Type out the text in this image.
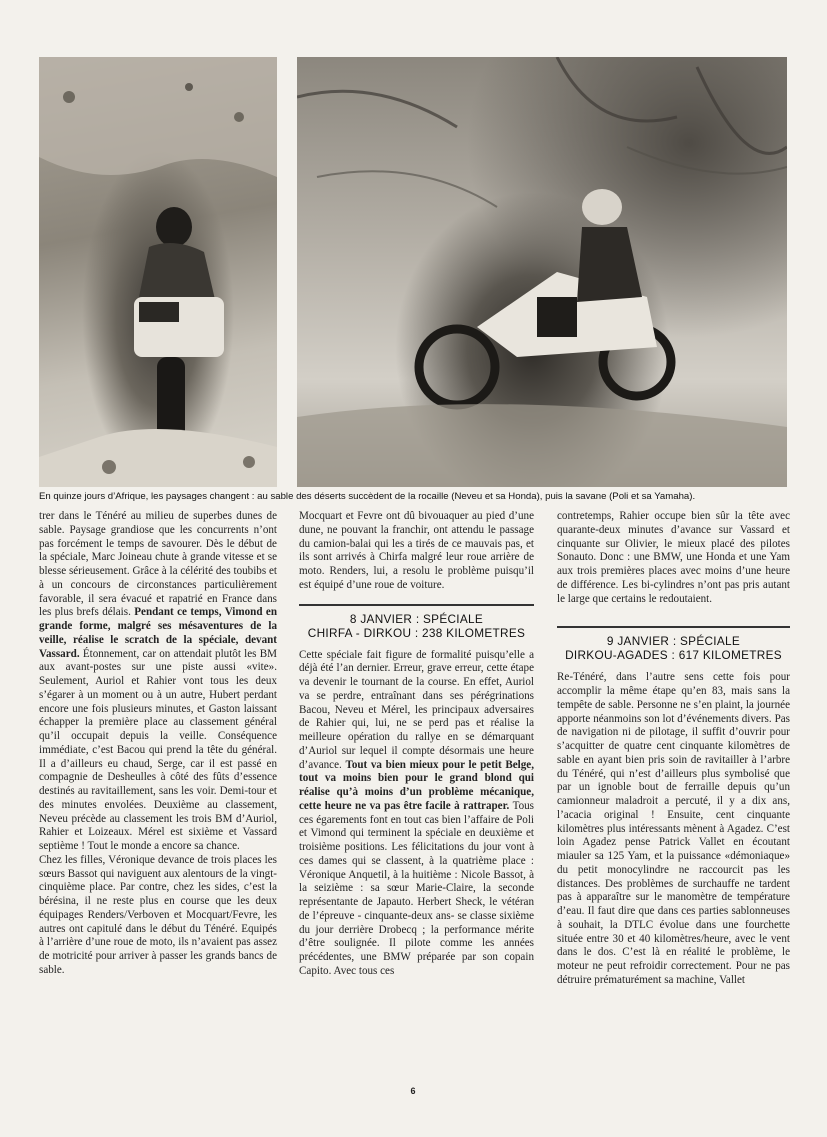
En quinze jours d’Afrique, les paysages changent : au sable des déserts succèdent de la rocaille (Neveu et sa Honda), puis la savane (Poli et sa Yamaha).

trer dans le Ténéré au milieu de superbes dunes de sable. Paysage grandiose que les concurrents n’ont pas forcément le temps de savourer. Dès le début de la spéciale, Marc Joineau chute à grande vitesse et se blesse sérieusement. Grâce à la célérité des toubibs et à un concours de circonstances particulièrement favorable, il sera évacué et rapatrié en France dans les plus brefs délais. Pendant ce temps, Vimond en grande forme, malgré ses mésaventures de la veille, réalise le scratch de la spéciale, devant Vassard. Étonnement, car on attendait plutôt les BM aux avant-postes sur une piste aussi «vite». Seulement, Auriol et Rahier vont tous les deux s’égarer à un moment ou à un autre, Hubert perdant encore une fois plusieurs minutes, et Gaston laissant échapper la première place au classement général qu’il occupait depuis la veille. Conséquence immédiate, c’est Bacou qui prend la tête du général. Il a d’ailleurs eu chaud, Serge, car il est passé en compagnie de Desheulles à côté des fûts d’essence destinés au ravitaillement, sans les voir. Demi-tour et des minutes envolées. Deuxième au classement, Neveu précède au classement les trois BM d’Auriol, Rahier et Loizeaux. Mérel est sixième et Vassard septième ! Tout le monde a encore sa chance.

Chez les filles, Véronique devance de trois places les sœurs Bassot qui naviguent aux alentours de la vingt-cinquième place. Par contre, chez les sides, c’est la bérésina, il ne reste plus en course que les deux équipages Renders/Verboven et Mocquart/Fevre, les autres ont capitulé dans le début du Ténéré. Equipés à l’arrière d’une roue de moto, ils n’avaient pas assez de motricité pour arriver à passer les grands bancs de sable.

Mocquart et Fevre ont dû bivouaquer au pied d’une dune, ne pouvant la franchir, ont attendu le passage du camion-balai qui les a tirés de ce mauvais pas, et ils sont arrivés à Chirfa malgré leur roue arrière de moto. Renders, lui, a resolu le problème puisqu’il est équipé d’une roue de voiture.

8 JANVIER : SPÉCIALE
CHIRFA - DIRKOU : 238 KILOMETRES

Cette spéciale fait figure de formalité puisqu’elle a déjà été l’an dernier. Erreur, grave erreur, cette étape va devenir le tournant de la course. En effet, Auriol va se perdre, entraînant dans ses pérégrinations Bacou, Neveu et Mérel, les principaux adversaires de Rahier qui, lui, ne se perd pas et réalise la meilleure opération du rallye en se démarquant d’Auriol sur lequel il compte désormais une heure d’avance. Tout va bien mieux pour le petit Belge, tout va moins bien pour le grand blond qui réalise qu’à moins d’un problème mécanique, cette heure ne va pas être facile à rattraper. Tous ces égarements font en tout cas bien l’affaire de Poli et Vimond qui terminent la spéciale en deuxième et troisième positions. Les félicitations du jour vont à ces dames qui se classent, à la quatrième place : Véronique Anquetil, à la huitième : Nicole Bassot, à la seizième : sa sœur Marie-Claire, la seconde représentante de Japauto. Herbert Sheck, le vétéran de l’épreuve - cinquante-deux ans- se classe sixième du jour derrière Drobecq ; la performance mérite d’être soulignée. Il pilote comme les années précédentes, une BMW préparée par son copain Capito. Avec tous ces

contretemps, Rahier occupe bien sûr la tête avec quarante-deux minutes d’avance sur Vassard et cinquante sur Olivier, le mieux placé des pilotes Sonauto. Donc : une BMW, une Honda et une Yam aux trois premières places avec moins d’une heure de différence. Les bi-cylindres n’ont pas pris autant le large que certains le redoutaient.

9 JANVIER : SPÉCIALE
DIRKOU-AGADES : 617 KILOMETRES

Re-Ténéré, dans l’autre sens cette fois pour accomplir la même étape qu’en 83, mais sans la tempête de sable. Personne ne s’en plaint, la journée apporte néanmoins son lot d’événements divers. Pas de navigation ni de pilotage, il suffit d’ouvrir pour s’acquitter de quatre cent cinquante kilomètres de sable en ayant bien pris soin de ravitailler à l’arbre du Ténéré, qui n’est d’ailleurs plus symbolisé que par un ignoble bout de ferraille depuis qu’un camionneur maladroit a percuté, il y a dix ans, l’acacia original ! Ensuite, cent cinquante kilomètres plus intéressants mènent à Agadez. C’est loin Agadez pense Patrick Vallet en écoutant miauler sa 125 Yam, et la puissance «démoniaque» du petit monocylindre ne raccourcit pas les distances. Des problèmes de surchauffe ne tardent pas à apparaître sur le manomètre de température d’eau. Il faut dire que dans ces parties sablonneuses à souhait, la DTLC évolue dans une fourchette située entre 30 et 40 kilomètres/heure, avec le vent dans le dos. C’est là en réalité le problème, le moteur ne peut refroidir correctement. Pour ne pas détruire prématurément sa machine, Vallet

6
